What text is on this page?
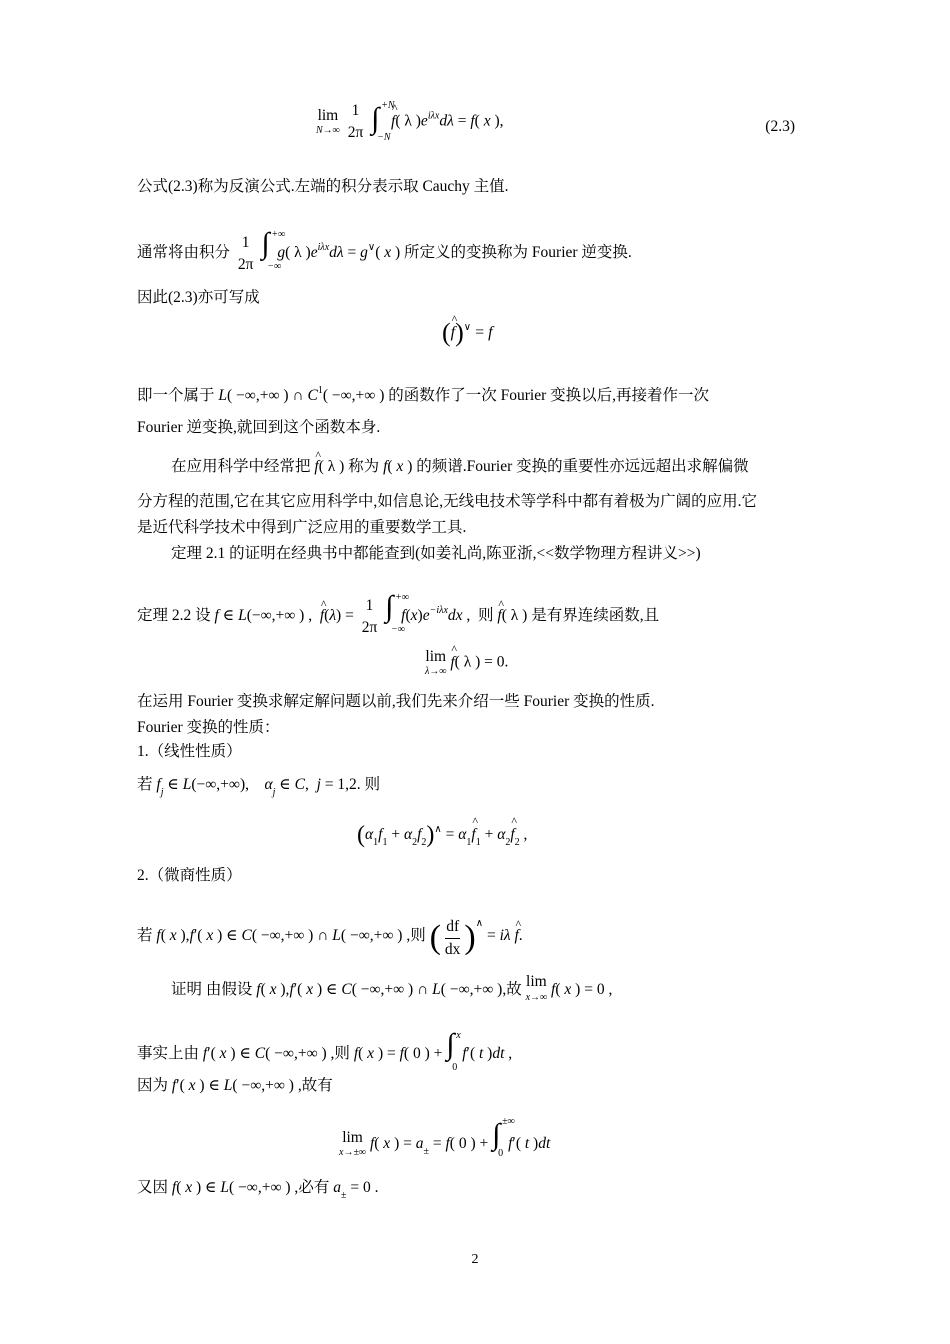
lim
N→∞

1
2π
∫ +N
−N
^ f( λ )$e^{i\lambda x}d\lambda = f$( x ),	(2.3)
公式(2.3)称为反演公式.左端的积分表示取 Cauchy 主值.
通常将由积分
1
2π

∫ +∞
−∞
g( λ )$e^{i\lambda x}d\lambda = g^\vee$( x ) 所定义的变换称为 Fourier 逆变换.
因此(2.3)亦可写成
(^ f)∨ = f
即一个属于 L( −∞,+∞ ) ∩ $C^1$( −∞,+∞ ) 的函数作了一次 Fourier 变换以后,再接着作一次
Fourier 逆变换,就回到这个函数本身.
在应用科学中经常把 ^ f( λ ) 称为 f( x ) 的频谱.Fourier 变换的重要性亦远远超出求解偏微
分方程的范围,它在其它应用科学中,如信息论,无线电技术等学科中都有着极为广阔的应用.它
是近代科学技术中得到广泛应用的重要数学工具.
定理 2.1 的证明在经典书中都能查到(如姜礼尚,陈亚浙,<<数学物理方程讲义>>)
定理 2.2 设 f ∈ L(−∞,+∞ ) , ^ f(λ) =
1
2π

∫ +∞
−∞
$f(x)e^{-i\lambda x}dx$ , 则 ^ f( λ ) 是有界连续函数,且
lim
λ→∞
^ f( λ ) = 0.
在运用 Fourier 变换求解定解问题以前,我们先来介绍一些 Fourier 变换的性质.
Fourier 变换的性质：
1.（线性性质）
若 $f_j$ ∈ L(−∞,+∞),    $\alpha_j$ ∈ C,  j = 1,2. 则
$(\alpha_1f_1 + \alpha_2f_2)^\wedge$ = $\alpha_1\^{}$ $f_1$ + $\alpha_2\^{}$ $f_2$ ,
2.（微商性质）
若 f( x ),f′( x ) ∈ C( −∞,+∞ ) ∩ L( −∞,+∞ ) ,则 ( $\frac{df}{dx} )^\wedge = i\lambda$ ^ f.
证明 由假设 f( x ),f′( x ) ∈ C( −∞,+∞ ) ∩ L( −∞,+∞ ),故 lim
x→∞ f( x ) = 0 ,
事实上由 f′( x ) ∈ C( −∞,+∞ ) ,则 f( x ) = f( 0 ) + ∫ x
0
f′( t )dt ,
因为 f′( x ) ∈ L( −∞,+∞ ) ,故有
lim
x→±∞
f( x ) = $a_\pm = f$( 0 ) + ∫ ±∞
0
f′( t )dt
又因 f( x ) ∈ L( −∞,+∞ ) ,必有 $a_\pm = 0$ .
2
